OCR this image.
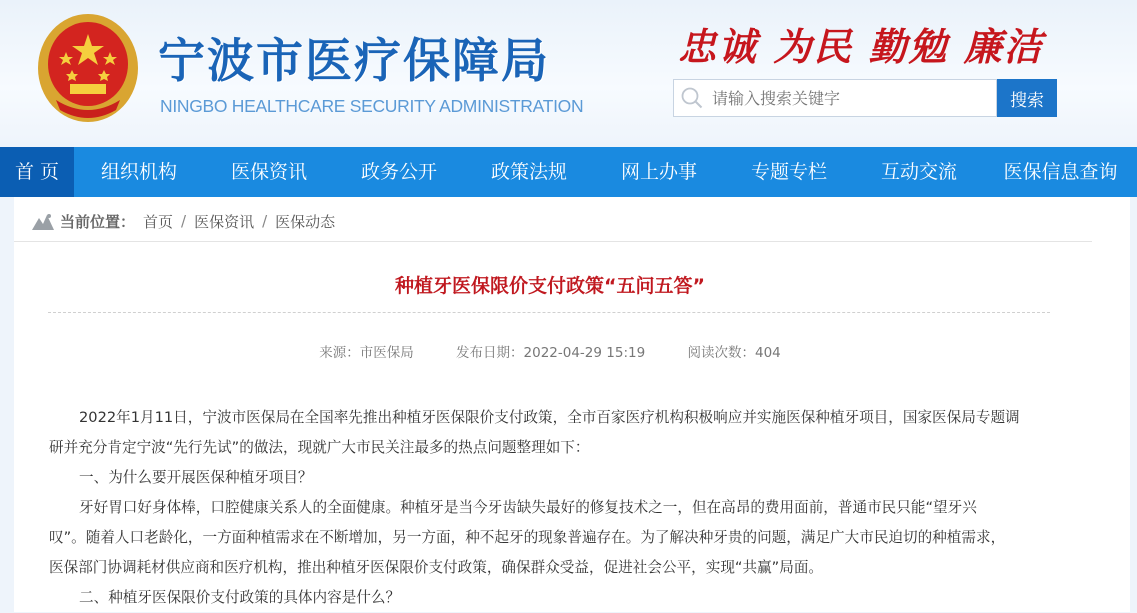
宁波市医疗保障局
NINGBO HEALTHCARE SECURITY ADMINISTRATION
忠诚 为民 勤勉 廉洁
请输入搜索关键字
搜索
首 页	组织机构	医保资讯	政务公开	政策法规	网上办事	专题专栏	互动交流	医保信息查询
当前位置： 首页 / 医保资讯 / 医保动态
种植牙医保限价支付政策“五问五答”
来源：市医保局	发布日期：2022-04-29 15:19	阅读次数：404

2022年1月11日，宁波市医保局在全国率先推出种植牙医保限价支付政策，全市百家医疗机构积极响应并实施医保种植牙项目，国家医保局专题调

研并充分肯定宁波“先行先试”的做法，现就广大市民关注最多的热点问题整理如下：

一、为什么要开展医保种植牙项目？

牙好胃口好身体棒，口腔健康关系人的全面健康。种植牙是当今牙齿缺失最好的修复技术之一，但在高昂的费用面前，普通市民只能“望牙兴

叹”。随着人口老龄化，一方面种植需求在不断增加，另一方面，种不起牙的现象普遍存在。为了解决种牙贵的问题，满足广大市民迫切的种植需求，

医保部门协调耗材供应商和医疗机构，推出种植牙医保限价支付政策，确保群众受益，促进社会公平，实现“共赢”局面。

二、种植牙医保限价支付政策的具体内容是什么？
